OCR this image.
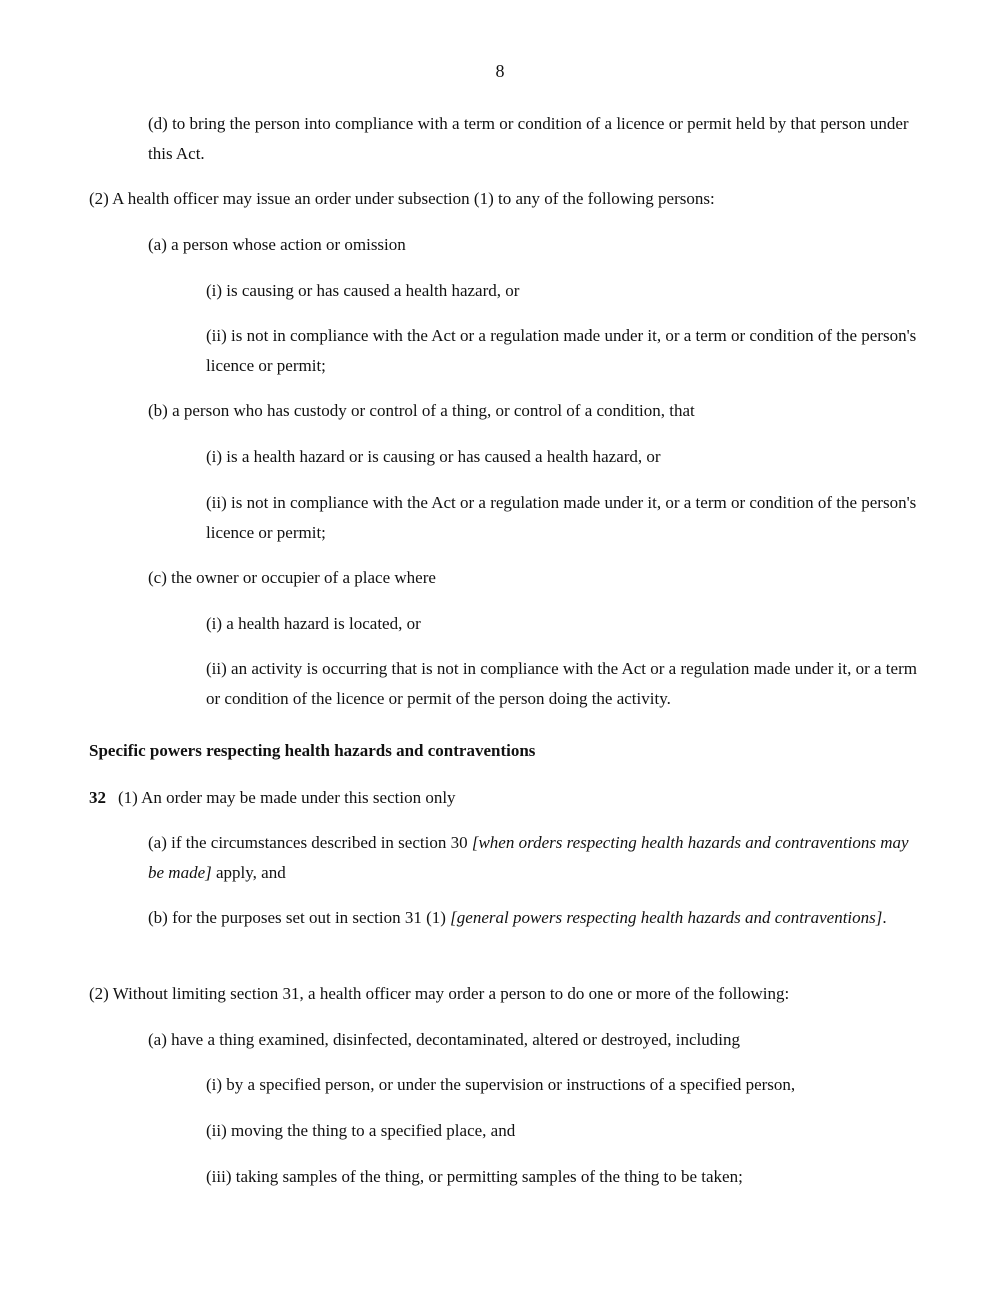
8

(d) to bring the person into compliance with a term or condition of a licence or permit held by that person under this Act.

(2) A health officer may issue an order under subsection (1) to any of the following persons:

(a) a person whose action or omission

(i) is causing or has caused a health hazard, or

(ii) is not in compliance with the Act or a regulation made under it, or a term or condition of the person's licence or permit;

(b) a person who has custody or control of a thing, or control of a condition, that

(i) is a health hazard or is causing or has caused a health hazard, or

(ii) is not in compliance with the Act or a regulation made under it, or a term or condition of the person's licence or permit;

(c) the owner or occupier of a place where

(i) a health hazard is located, or

(ii) an activity is occurring that is not in compliance with the Act or a regulation made under it, or a term or condition of the licence or permit of the person doing the activity.

Specific powers respecting health hazards and contraventions

32 (1) An order may be made under this section only

(a) if the circumstances described in section 30 [when orders respecting health hazards and contraventions may be made] apply, and

(b) for the purposes set out in section 31 (1) [general powers respecting health hazards and contraventions].

(2) Without limiting section 31, a health officer may order a person to do one or more of the following:

(a) have a thing examined, disinfected, decontaminated, altered or destroyed, including

(i) by a specified person, or under the supervision or instructions of a specified person,

(ii) moving the thing to a specified place, and

(iii) taking samples of the thing, or permitting samples of the thing to be taken;
